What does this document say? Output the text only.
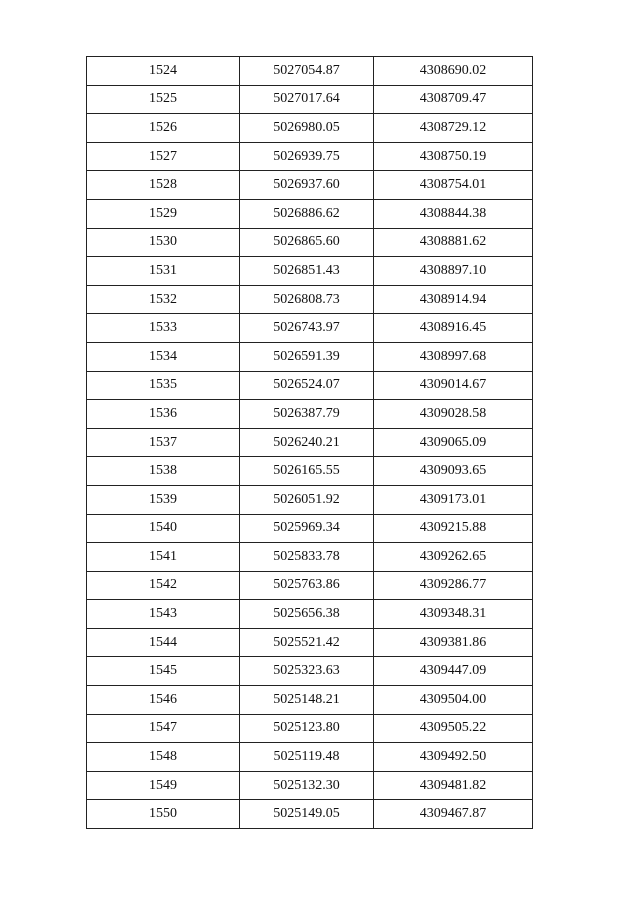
1524	5027054.87	4308690.02
1525	5027017.64	4308709.47
1526	5026980.05	4308729.12
1527	5026939.75	4308750.19
1528	5026937.60	4308754.01
1529	5026886.62	4308844.38
1530	5026865.60	4308881.62
1531	5026851.43	4308897.10
1532	5026808.73	4308914.94
1533	5026743.97	4308916.45
1534	5026591.39	4308997.68
1535	5026524.07	4309014.67
1536	5026387.79	4309028.58
1537	5026240.21	4309065.09
1538	5026165.55	4309093.65
1539	5026051.92	4309173.01
1540	5025969.34	4309215.88
1541	5025833.78	4309262.65
1542	5025763.86	4309286.77
1543	5025656.38	4309348.31
1544	5025521.42	4309381.86
1545	5025323.63	4309447.09
1546	5025148.21	4309504.00
1547	5025123.80	4309505.22
1548	5025119.48	4309492.50
1549	5025132.30	4309481.82
1550	5025149.05	4309467.87
